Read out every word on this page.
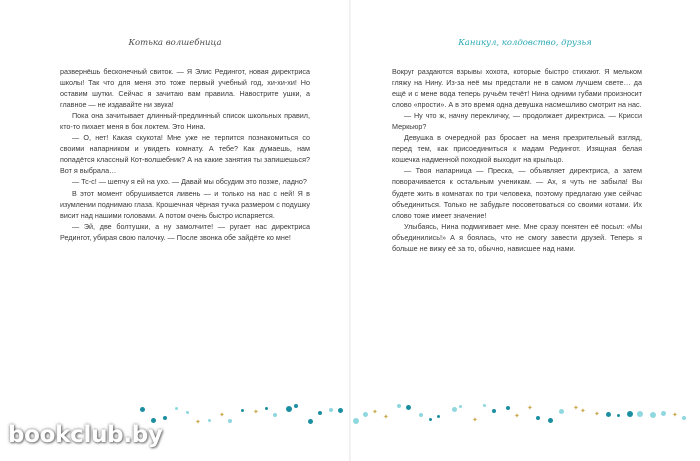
Котька волшебница

развернёшь бесконечный свиток. — Я Элис Редингот, новая директриса школы! Так что для меня это тоже первый учебный год, хи-хи-хи! Но оставим шутки. Сейчас я зачитаю вам правила. Навострите ушки, а главное — не издавайте ни звука!

Пока она зачитывает длинный-предлинный список школьных правил, кто-то пихает меня в бок локтем. Это Нина.

— О, нет! Какая скукота! Мне уже не терпится познакомиться со своими напарником и увидеть комнату. А тебе? Как думаешь, нам попадётся классный Кот-волшебник? А на какие занятия ты запишешься? Вот я выбрала…

— Тс-с! — шепчу я ей на ухо. — Давай мы обсудим это позже, ладно?

В этот момент обрушивается ливень — и только на нас с ней! Я в изумлении поднимаю глаза. Крошечная чёрная тучка размером с подушку висит над нашими головами. А потом очень быстро испаряется.

— Эй, две болтушки, а ну замолчите! — ругает нас директриса Редингот, убирая свою палочку. — После звонка обе зайдёте ко мне!

Каникул, колдовство, друзья

Вокруг раздаются взрывы хохота, которые быстро стихают. Я мельком гляжу на Нину. Из-за неё мы предстали не в самом лучшем свете… да ещё и с мене вода теперь ручьём течёт! Нина одними губами произносит слово «прости». А в это время одна девушка насмешливо смотрит на нас.

— Ну что ж, начну перекличку, — продолжает директриса. — Крисси Меркьюр?

Девушка в очередной раз бросает на меня презрительный взгляд, перед тем, как присоединиться к мадам Редингот. Изящная белая кошечка надменной походкой выходит на крыльцо.

— Твоя напарница — Преска, — объявляет директриса, а затем поворачивается к остальным ученикам. — Ах, я чуть не забыла! Вы будете жить в комнатах по три человека, поэтому предлагаю уже сейчас объединиться. Только не забудьте посоветоваться со своими котами. Их слово тоже имеет значение!

Улыбаясь, Нина подмигивает мне. Мне сразу понятен её посыл: «Мы объединились!» А я боялась, что не смогу завести друзей. Теперь я больше не вижу её за то, обычно, нависшее над нами.

✦
✦	✦	✦
✦	✦	✦
✦	✦ ✦ ✦	✦
bookclub.by
